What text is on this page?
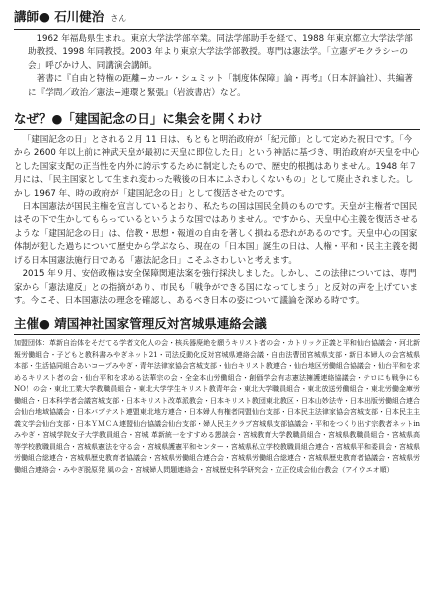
講師● 石川健治 さん

1962 年福島県生まれ。東京大学法学部卒業。同法学部助手を経て、1988 年東京都立大学法学部助教授、1998 年同教授。2003 年より東京大学法学部教授。専門は憲法学。「立憲デモクラシーの会」呼びかけ人、同講演会講師。

著書に『自由と特権の距離−カール・シュミット「制度体保障」論・再考』（日本評論社）、共編著に『学問／政治／憲法−連環と緊張』（岩波書店）など。

なぜ？●「建国記念の日」に集会を開くわけ

「建国記念の日」とされる２月 11 日は、もともと明治政府が「紀元節」として定めた祝日です。「今から 2600 年以上前に神武天皇が最初に天皇に即位した日」という神話に基づき、明治政府が天皇を中心とした国家支配の正当性を内外に誇示するために制定したもので、歴史的根拠はありません。1948 年７月には、「民主国家として生まれ変わった戦後の日本にふさわしくないもの」として廃止されました。しかし 1967 年、時の政府が「建国記念の日」として復活させたのです。

日本国憲法が国民主権を宣言しているとおり、私たちの国は国民全員のものです。天皇が主権者で国民はその下で生かしてもらっているというような国ではありません。ですから、天皇中心主義を復活させるような「建国記念の日」は、信教・思想・報道の自由を著しく損ねる恐れがあるのです。天皇中心の国家体制が犯した過ちについて歴史から学ぶなら、現在の「日本国」誕生の日は、人権・平和・民主主義を掲げる日本国憲法施行日である「憲法記念日」こそふさわしいと考えます。

2015 年９月、安倍政権は安全保障関連法案を強行採決しました。しかし、この法律については、専門家から「憲法違反」との指摘があり、市民も「戦争ができる国になってしまう」と反対の声を上げています。今こそ、日本国憲法の理念を確認し、あるべき日本の姿について議論を深める時です。

主催● 靖国神社国家管理反対宮城県連絡会議
加盟団体：革新自治体をそだてる学者文化人の会・核兵器廃絶を願うキリスト者の会・カトリック正義と平和仙台協議会・河北新報労働組合・子どもと教科書みやぎネット21・司法反動化反対宮城県連絡会議・自由法曹団宮城県支部・新日本婦人の会宮城県本部・生活協同組合あいコープみやぎ・青年法律家協会宮城支部・仙台キリスト教連合・仙台地区労働組合協議会・仙台平和を求めるキリスト者の会・仙台平和を求める法華宗の会・全金本山労働組合・創価学会有志憲法擁護連絡協議会・テロにも戦争にもNO！の会・東北工業大学教職員組合・東北大学学生キリスト教青年会・東北大学職員組合・東北放送労働組合・東北労働金庫労働組合・日本科学者会議宮城支部・日本キリスト改革派教会・日本キリスト教団東北教区・日本山妙法寺・日本出版労働組合連合会仙台地域協議会・日本バプテスト連盟東北地方連合・日本婦人有権者同盟仙台支部・日本民主法律家協会宮城支部・日本民主主義文学会仙台支部・日本ＹＭＣＡ連盟仙台協議会仙台支部・婦人民主クラブ宮城県支部協議会・平和をつくり出す宗教者ネットinみやぎ・宮城学院女子大学教員組合・宮城 革新統一をすすめる懇談会・宮城教育大学教職員組合・宮城県教職員組合・宮城県高等学校教職員組合・宮城県憲法を守る会・宮城県護憲平和センター・宮城県私立学校教職員組合連合・宮城県平和委員会・宮城県労働組合総連合・宮城県歴史教育者協議会・宮城県労働組合連合会・宮城県労働組合総連合・宮城県歴史教育者協議会・宮城県労働組合連絡会・みやぎ脱原発 風の会・宮城婦人問題連絡会・宮城歴史科学研究会・立正佼成会仙台教会（アイウエオ順）
